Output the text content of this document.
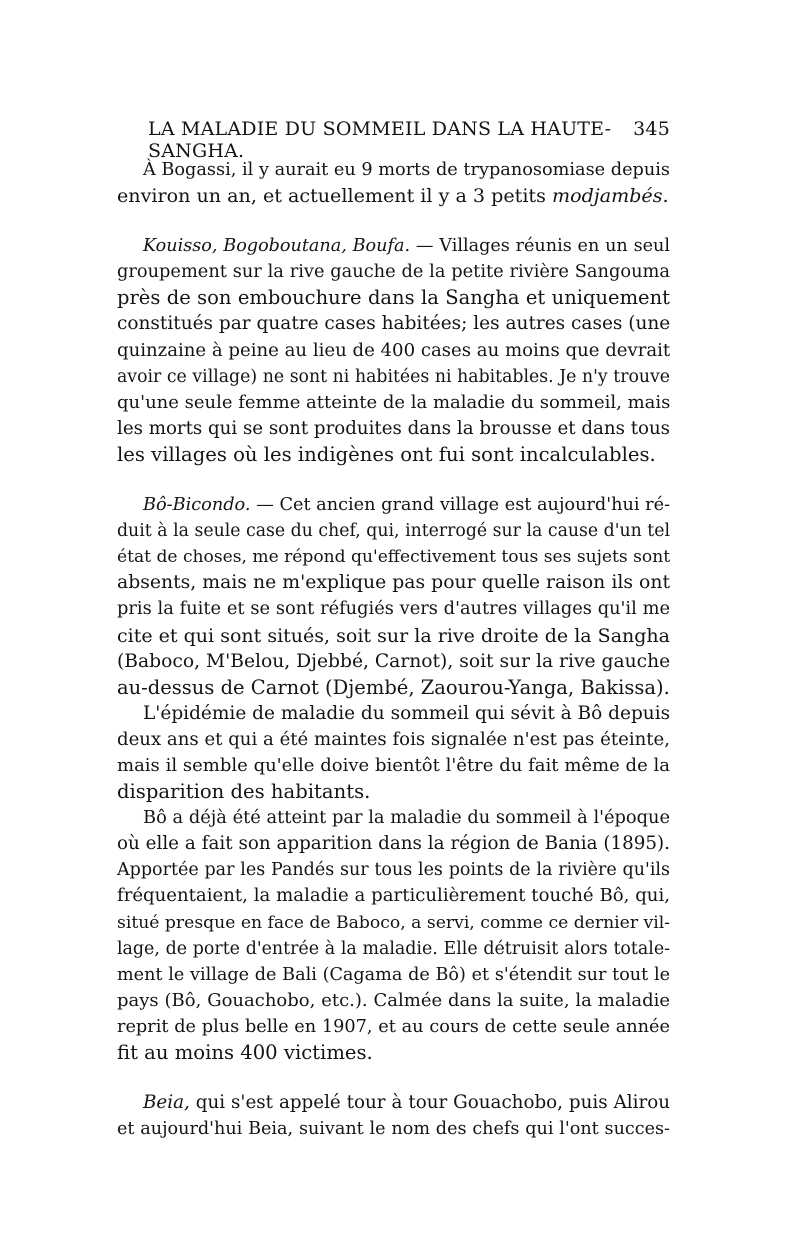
LA MALADIE DU SOMMEIL DANS LA HAUTE-SANGHA.
345
À Bogassi, il y aurait eu 9 morts de trypanosomiase depuis
environ un an, et actuellement il y a 3 petits modjambés.
Kouisso, Bogoboutana, Boufa. — Villages réunis en un seul
groupement sur la rive gauche de la petite rivière Sangouma
près de son embouchure dans la Sangha et uniquement
constitués par quatre cases habitées; les autres cases (une
quinzaine à peine au lieu de 400 cases au moins que devrait
avoir ce village) ne sont ni habitées ni habitables. Je n'y trouve
qu'une seule femme atteinte de la maladie du sommeil, mais
les morts qui se sont produites dans la brousse et dans tous
les villages où les indigènes ont fui sont incalculables.
Bô-Bicondo. — Cet ancien grand village est aujourd'hui ré-
duit à la seule case du chef, qui, interrogé sur la cause d'un tel
état de choses, me répond qu'effectivement tous ses sujets sont
absents, mais ne m'explique pas pour quelle raison ils ont
pris la fuite et se sont réfugiés vers d'autres villages qu'il me
cite et qui sont situés, soit sur la rive droite de la Sangha
(Baboco, M'Belou, Djebbé, Carnot), soit sur la rive gauche
au-dessus de Carnot (Djembé, Zaourou-Yanga, Bakissa).
L'épidémie de maladie du sommeil qui sévit à Bô depuis
deux ans et qui a été maintes fois signalée n'est pas éteinte,
mais il semble qu'elle doive bientôt l'être du fait même de la
disparition des habitants.
Bô a déjà été atteint par la maladie du sommeil à l'époque
où elle a fait son apparition dans la région de Bania (1895).
Apportée par les Pandés sur tous les points de la rivière qu'ils
fréquentaient, la maladie a particulièrement touché Bô, qui,
situé presque en face de Baboco, a servi, comme ce dernier vil-
lage, de porte d'entrée à la maladie. Elle détruisit alors totale-
ment le village de Bali (Cagama de Bô) et s'étendit sur tout le
pays (Bô, Gouachobo, etc.). Calmée dans la suite, la maladie
reprit de plus belle en 1907, et au cours de cette seule année
fit au moins 400 victimes.
Beia, qui s'est appelé tour à tour Gouachobo, puis Alirou
et aujourd'hui Beia, suivant le nom des chefs qui l'ont succes-
